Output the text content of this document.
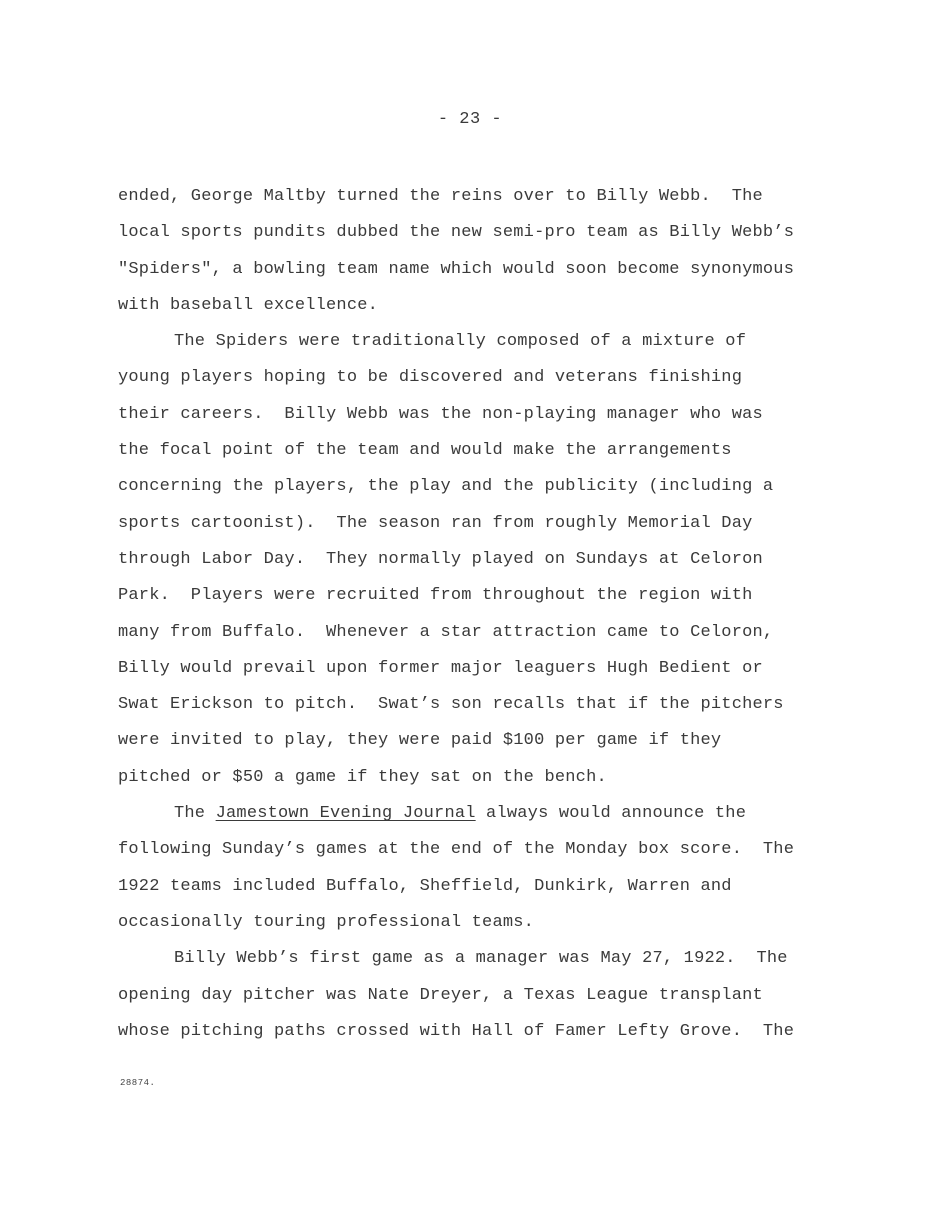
- 23 -
ended, George Maltby turned the reins over to Billy Webb.  The
local sports pundits dubbed the new semi-pro team as Billy Webb’s
"Spiders", a bowling team name which would soon become synonymous
with baseball excellence.
The Spiders were traditionally composed of a mixture of
young players hoping to be discovered and veterans finishing
their careers.  Billy Webb was the non-playing manager who was
the focal point of the team and would make the arrangements
concerning the players, the play and the publicity (including a
sports cartoonist).  The season ran from roughly Memorial Day
through Labor Day.  They normally played on Sundays at Celoron
Park.  Players were recruited from throughout the region with
many from Buffalo.  Whenever a star attraction came to Celoron,
Billy would prevail upon former major leaguers Hugh Bedient or
Swat Erickson to pitch.  Swat’s son recalls that if the pitchers
were invited to play, they were paid $100 per game if they
pitched or $50 a game if they sat on the bench.
The Jamestown Evening Journal always would announce the
following Sunday’s games at the end of the Monday box score.  The
1922 teams included Buffalo, Sheffield, Dunkirk, Warren and
occasionally touring professional teams.
Billy Webb’s first game as a manager was May 27, 1922.  The
opening day pitcher was Nate Dreyer, a Texas League transplant
whose pitching paths crossed with Hall of Famer Lefty Grove.  The
28874.
